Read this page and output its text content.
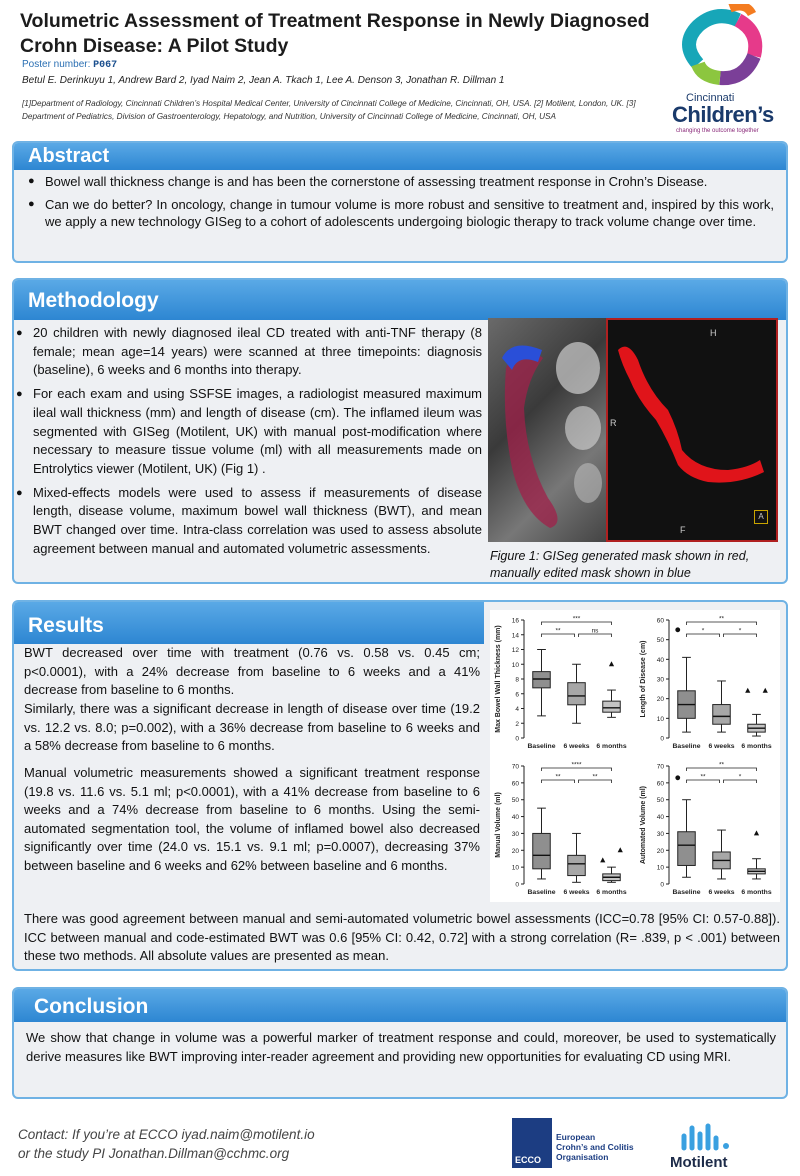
Volumetric Assessment of Treatment Response in Newly Diagnosed Crohn Disease: A Pilot Study
Poster number: P067
Betul E. Derinkuyu 1, Andrew Bard 2, Iyad Naim 2, Jean A. Tkach 1, Lee A. Denson 3, Jonathan R. Dillman 1
[1]Department of Radiology, Cincinnati Children’s Hospital Medical Center, University of Cincinnati College of Medicine, Cincinnati, OH, USA. [2] Motilent, London, UK. [3] Department of Pediatrics, Division of Gastroenterology, Hepatology, and Nutrition, University of Cincinnati College of Medicine, Cincinnati, OH, USA
Cincinnati
Children’s
changing the outcome together
Abstract
● Bowel wall thickness change is and has been the cornerstone of assessing treatment response in Crohn’s Disease.
● Can we do better? In oncology, change in tumour volume is more robust and sensitive to treatment and, inspired by this work, we apply a new technology GISeg to a cohort of adolescents undergoing biologic therapy to track volume change over time.
Methodology
● 20 children with newly diagnosed ileal CD treated with anti-TNF therapy (8 female; mean age=14 years) were scanned at three timepoints: diagnosis (baseline), 6 weeks and 6 months into therapy.
● For each exam and using SSFSE images, a radiologist measured maximum ileal wall thickness (mm) and length of disease (cm). The inflamed ileum was segmented with GISeg (Motilent, UK) with manual post-modification where necessary to measure tissue volume (ml) with all measurements made on Entrolytics viewer (Motilent, UK) (Fig 1) .
● Mixed-effects models were used to assess if measurements of disease length, disease volume, maximum bowel wall thickness (BWT), and mean BWT changed over time. Intra-class correlation was used to assess absolute agreement between manual and automated volumetric assessments.
H
R
F
A
Figure 1: GISeg generated mask shown in red, manually edited mask shown in blue
Results
BWT decreased over time with treatment (0.76 vs. 0.58 vs. 0.45 cm; p<0.0001), with a 24% decrease from baseline to 6 weeks and a 41% decrease from baseline to 6 months.
Similarly, there was a significant decrease in length of disease over time (19.2 vs. 12.2 vs. 8.0; p=0.002), with a 36% decrease from baseline to 6 weeks and a 58% decrease from baseline to 6 months.
Manual volumetric measurements showed a significant treatment response (19.8 vs. 11.6 vs. 5.1 ml; p<0.0001), with a 41% decrease from baseline to 6 weeks and a 74% decrease from baseline to 6 months. Using the semi-automated segmentation tool, the volume of inflamed bowel also decreased significantly over time (24.0 vs. 15.1 vs. 9.1 ml; p=0.0007), decreasing 37% between baseline and 6 weeks and 62% between baseline and 6 months.
There was good agreement between manual and semi-automated volumetric bowel assessments (ICC=0.78 [95% CI: 0.57-0.88]). ICC between manual and code-estimated BWT was 0.6 [95% CI: 0.42, 0.72] with a strong correlation (R= .839, p < .001) between these two methods. All absolute values are presented as mean.
0
2
4
6
8
10
12
14
16
Max Bowel Wall Thickness (mm)
Baseline 6 weeks 6 months
***
**	ns
0
10
20
30
40
50
60
Length of Disease (cm)
Baseline 6 weeks 6 months
**
*	*
0
10
20
30
40
50
60
70
Manual Volume (ml)
Baseline 6 weeks 6 months
****
**	**
0
10
20
30
40
50
60
70
Automated Volume (ml)
Baseline 6 weeks 6 months
**
**	*
Conclusion
We show that change in volume was a powerful marker of treatment response and could, moreover, be used to systematically derive measures like BWT improving inter-reader agreement and providing new opportunities for evaluating CD using MRI.
Contact: If you’re at ECCO iyad.naim@motilent.io
or the study PI Jonathan.Dillman@cchmc.org	ECCO
European
Crohn’s and Colitis
Organisation	Motilent
